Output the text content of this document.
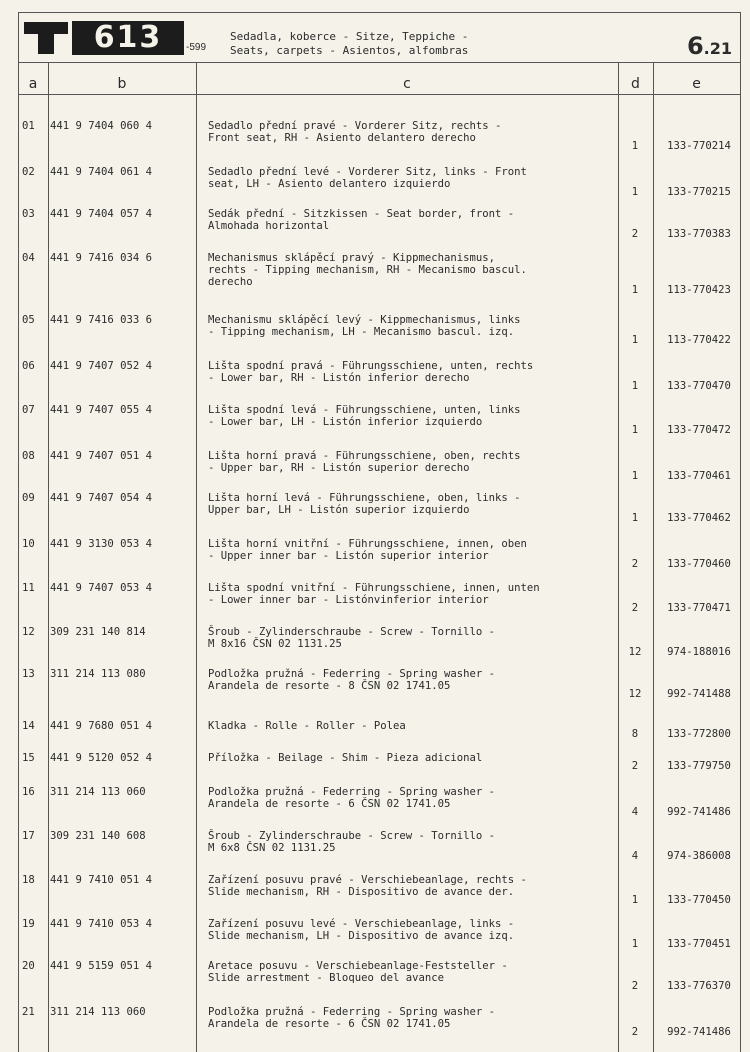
613	-599
Sedadla, koberce - Sitze, Teppiche -
Seats, carpets - Asientos, alfombras	6.21
a	b	c	d	e
01	441 9 7404 060 4	Sedadlo přední pravé - Vorderer Sitz, rechts -
Front seat, RH - Asiento delantero derecho
1	133-770214
02	441 9 7404 061 4	Sedadlo přední levé - Vorderer Sitz, links - Front
seat, LH - Asiento delantero izquierdo
1	133-770215
03	441 9 7404 057 4	Sedák přední - Sitzkissen - Seat border, front -
Almohada horizontal
2	133-770383
04	441 9 7416 034 6	Mechanismus sklápěcí pravý - Kippmechanismus,
rechts - Tipping mechanism, RH - Mecanismo bascul.
derecho
1	113-770423
05	441 9 7416 033 6	Mechanismu sklápěcí levý - Kippmechanismus, links
- Tipping mechanism, LH - Mecanismo bascul. izq.
1	113-770422
06	441 9 7407 052 4	Lišta spodní pravá - Führungsschiene, unten, rechts
- Lower bar, RH - Listón inferior derecho
1	133-770470
07	441 9 7407 055 4	Lišta spodní levá - Führungsschiene, unten, links
- Lower bar, LH - Listón inferior izquierdo
1	133-770472
08	441 9 7407 051 4	Lišta horní pravá - Führungsschiene, oben, rechts
- Upper bar, RH - Listón superior derecho
1	133-770461
09	441 9 7407 054 4	Lišta horní levá - Führungsschiene, oben, links -
Upper bar, LH - Listón superior izquierdo
1	133-770462
10	441 9 3130 053 4	Lišta horní vnitřní - Führungsschiene, innen, oben
- Upper inner bar - Listón superior interior
2	133-770460
11	441 9 7407 053 4	Lišta spodní vnitřní - Führungsschiene, innen, unten
- Lower inner bar - Listónvinferior interior
2	133-770471
12	309 231 140 814	Šroub - Zylinderschraube - Screw - Tornillo -
M 8x16 ČSN 02 1131.25
12	974-188016
13	311 214 113 080	Podložka pružná - Federring - Spring washer -
Arandela de resorte - 8 ČSN 02 1741.05
12	992-741488
14	441 9 7680 051 4	Kladka - Rolle - Roller - Polea
8	133-772800
15	441 9 5120 052 4	Příložka - Beilage - Shim - Pieza adicional
2	133-779750
16	311 214 113 060	Podložka pružná - Federring - Spring washer -
Arandela de resorte - 6 ČSN 02 1741.05
4	992-741486
17	309 231 140 608	Šroub - Zylinderschraube - Screw - Tornillo -
M 6x8 ČSN 02 1131.25
4	974-386008
18	441 9 7410 051 4	Zařízení posuvu pravé - Verschiebeanlage, rechts -
Slide mechanism, RH - Dispositivo de avance der.
1	133-770450
19	441 9 7410 053 4	Zařízení posuvu levé - Verschiebeanlage, links -
Slide mechanism, LH - Dispositivo de avance izq.
1	133-770451
20	441 9 5159 051 4	Aretace posuvu - Verschiebeanlage-Feststeller -
Slide arrestment - Bloqueo del avance
2	133-776370
21	311 214 113 060	Podložka pružná - Federring - Spring washer -
Arandela de resorte - 6 ČSN 02 1741.05
2	992-741486
